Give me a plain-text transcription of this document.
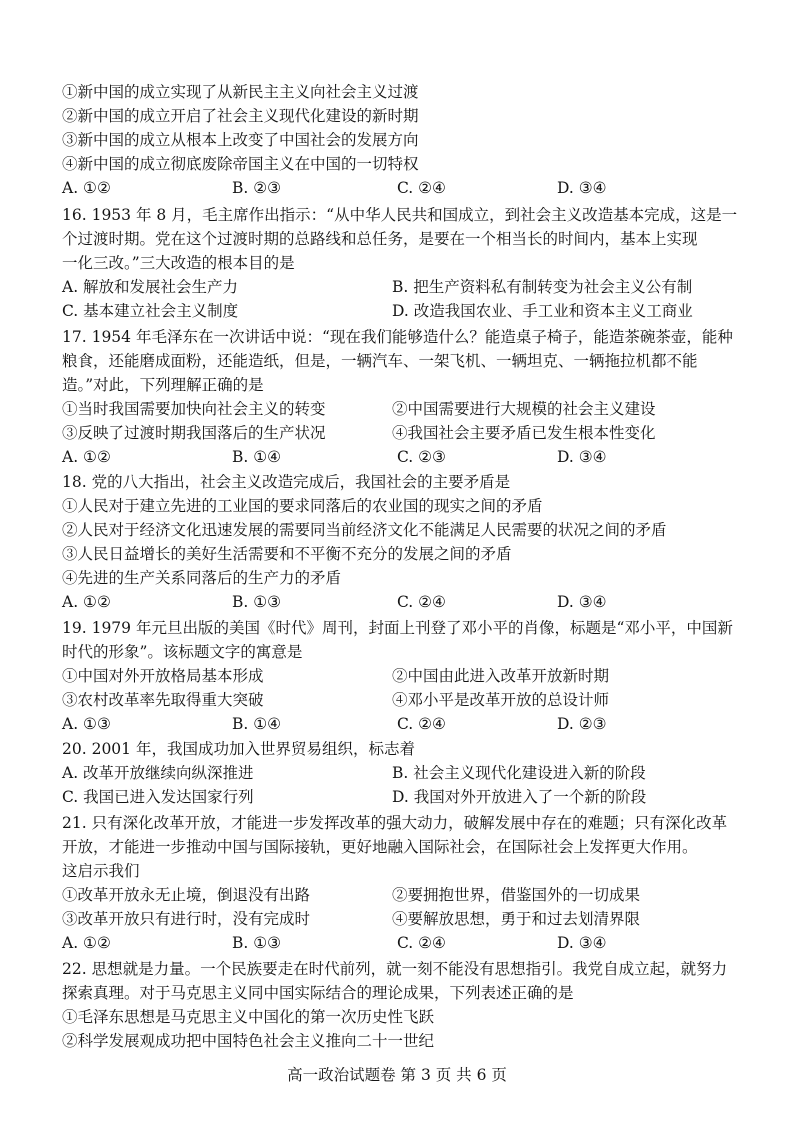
①新中国的成立实现了从新民主主义向社会主义过渡
②新中国的成立开启了社会主义现代化建设的新时期
③新中国的成立从根本上改变了中国社会的发展方向
④新中国的成立彻底废除帝国主义在中国的一切特权
A. ①②	B. ②③	C. ②④	D. ③④
16. 1953 年 8 月，毛主席作出指示：“从中华人民共和国成立，到社会主义改造基本完成，这是一
个过渡时期。党在这个过渡时期的总路线和总任务，是要在一个相当长的时间内，基本上实现
一化三改。”三大改造的根本目的是
A. 解放和发展社会生产力	B. 把生产资料私有制转变为社会主义公有制
C. 基本建立社会主义制度	D. 改造我国农业、手工业和资本主义工商业
17. 1954 年毛泽东在一次讲话中说：“现在我们能够造什么？能造桌子椅子，能造茶碗茶壶，能种
粮食，还能磨成面粉，还能造纸，但是，一辆汽车、一架飞机、一辆坦克、一辆拖拉机都不能
造。”对此，下列理解正确的是
①当时我国需要加快向社会主义的转变	②中国需要进行大规模的社会主义建设
③反映了过渡时期我国落后的生产状况	④我国社会主要矛盾已发生根本性变化
A. ①②	B. ①④	C. ②③	D. ③④
18. 党的八大指出，社会主义改造完成后，我国社会的主要矛盾是
①人民对于建立先进的工业国的要求同落后的农业国的现实之间的矛盾
②人民对于经济文化迅速发展的需要同当前经济文化不能满足人民需要的状况之间的矛盾
③人民日益增长的美好生活需要和不平衡不充分的发展之间的矛盾
④先进的生产关系同落后的生产力的矛盾
A. ①②	B. ①③	C. ②④	D. ③④
19. 1979 年元旦出版的美国《时代》周刊，封面上刊登了邓小平的肖像，标题是“邓小平，中国新
时代的形象”。该标题文字的寓意是
①中国对外开放格局基本形成	②中国由此进入改革开放新时期
③农村改革率先取得重大突破	④邓小平是改革开放的总设计师
A. ①③	B. ①④	C. ②④	D. ②③
20. 2001 年，我国成功加入世界贸易组织，标志着
A. 改革开放继续向纵深推进	B. 社会主义现代化建设进入新的阶段
C. 我国已进入发达国家行列	D. 我国对外开放进入了一个新的阶段
21. 只有深化改革开放，才能进一步发挥改革的强大动力，破解发展中存在的难题；只有深化改革
开放，才能进一步推动中国与国际接轨，更好地融入国际社会，在国际社会上发挥更大作用。
这启示我们
①改革开放永无止境，倒退没有出路	②要拥抱世界，借鉴国外的一切成果
③改革开放只有进行时，没有完成时	④要解放思想，勇于和过去划清界限
A. ①②	B. ①③	C. ②④	D. ③④
22. 思想就是力量。一个民族要走在时代前列，就一刻不能没有思想指引。我党自成立起，就努力
探索真理。对于马克思主义同中国实际结合的理论成果，下列表述正确的是
①毛泽东思想是马克思主义中国化的第一次历史性飞跃
②科学发展观成功把中国特色社会主义推向二十一世纪
高一政治试题卷 第 3 页 共 6 页
